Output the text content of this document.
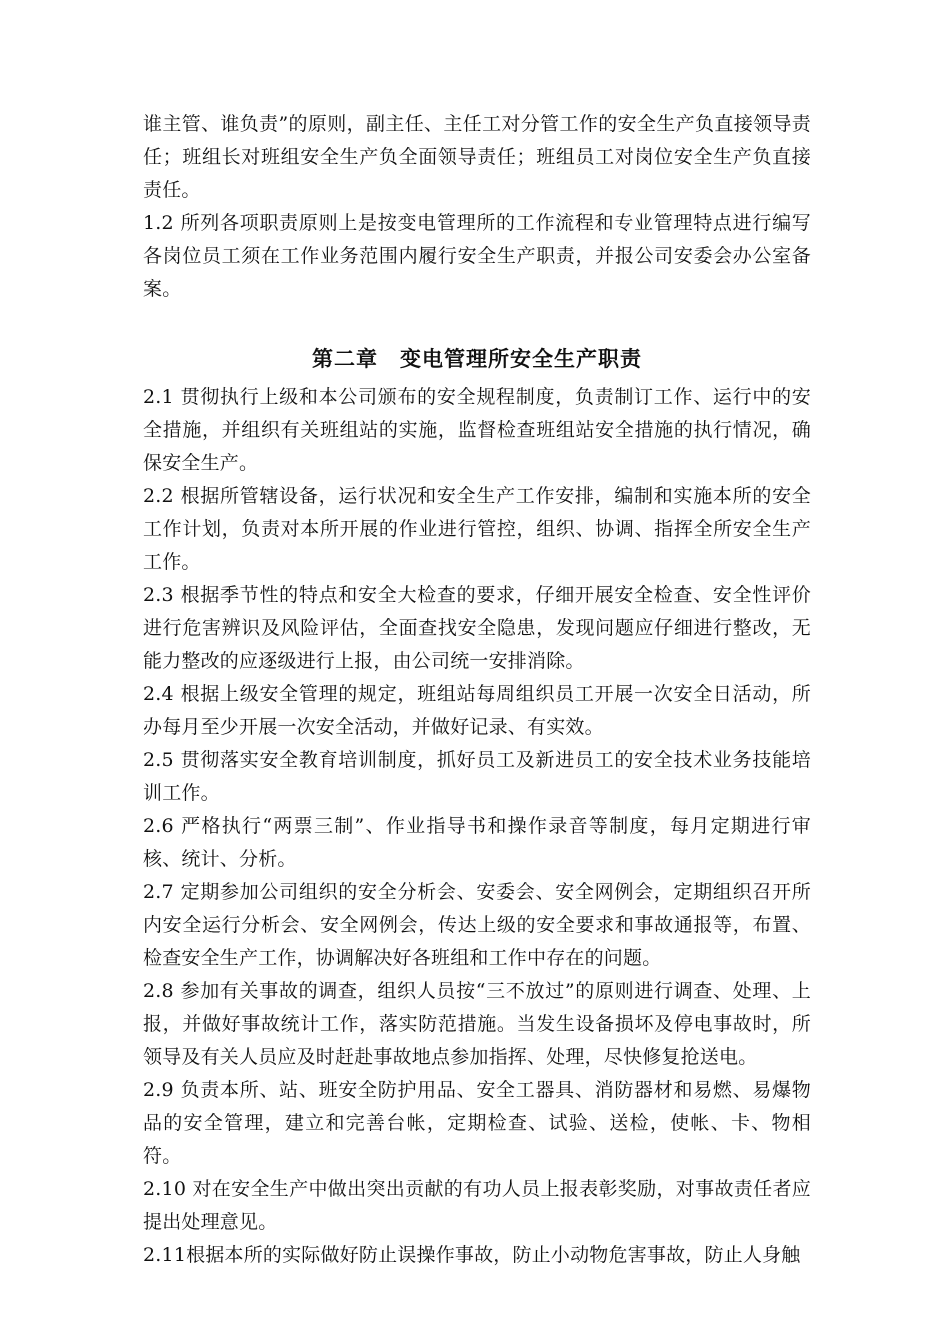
谁主管、谁负责”的原则，副主任、主任工对分管工作的安全生产负直接领导责任；班组长对班组安全生产负全面领导责任；班组员工对岗位安全生产负直接责任。

1.2 所列各项职责原则上是按变电管理所的工作流程和专业管理特点进行编写各岗位员工须在工作业务范围内履行安全生产职责，并报公司安委会办公室备案。

第二章 变电管理所安全生产职责

2.1 贯彻执行上级和本公司颁布的安全规程制度，负责制订工作、运行中的安全措施，并组织有关班组站的实施，监督检查班组站安全措施的执行情况，确保安全生产。

2.2 根据所管辖设备，运行状况和安全生产工作安排，编制和实施本所的安全工作计划，负责对本所开展的作业进行管控，组织、协调、指挥全所安全生产工作。

2.3 根据季节性的特点和安全大检查的要求，仔细开展安全检查、安全性评价进行危害辨识及风险评估，全面查找安全隐患，发现问题应仔细进行整改，无能力整改的应逐级进行上报，由公司统一安排消除。

2.4 根据上级安全管理的规定，班组站每周组织员工开展一次安全日活动，所办每月至少开展一次安全活动，并做好记录、有实效。

2.5 贯彻落实安全教育培训制度，抓好员工及新进员工的安全技术业务技能培训工作。

2.6 严格执行“两票三制”、作业指导书和操作录音等制度，每月定期进行审核、统计、分析。

2.7 定期参加公司组织的安全分析会、安委会、安全网例会，定期组织召开所内安全运行分析会、安全网例会，传达上级的安全要求和事故通报等，布置、检查安全生产工作，协调解决好各班组和工作中存在的问题。

2.8 参加有关事故的调查，组织人员按“三不放过”的原则进行调查、处理、上报，并做好事故统计工作，落实防范措施。当发生设备损坏及停电事故时，所领导及有关人员应及时赶赴事故地点参加指挥、处理，尽快修复抢送电。

2.9 负责本所、站、班安全防护用品、安全工器具、消防器材和易燃、易爆物品的安全管理，建立和完善台帐，定期检查、试验、送检，使帐、卡、物相符。

2.10 对在安全生产中做出突出贡献的有功人员上报表彰奖励，对事故责任者应提出处理意见。

2.11根据本所的实际做好防止误操作事故，防止小动物危害事故，防止人身触
